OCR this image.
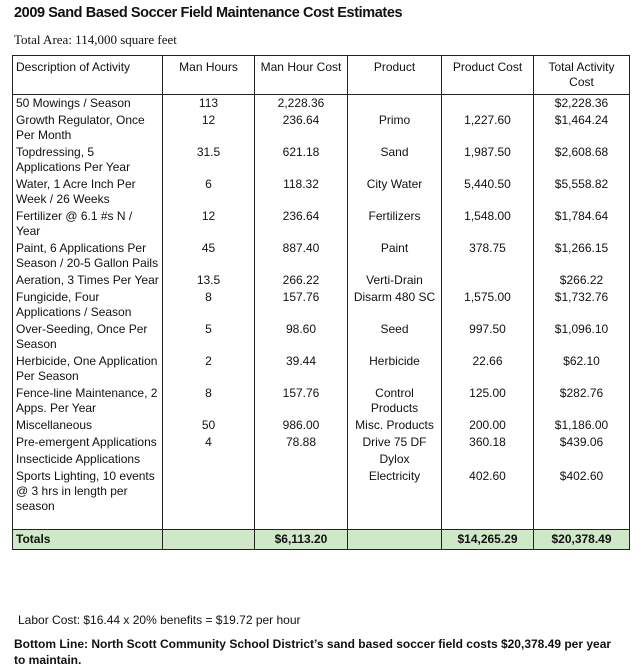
2009 Sand Based Soccer Field Maintenance Cost Estimates
Total Area: 114,000 square feet
Description of Activity	Man Hours	Man Hour Cost	Product	Product Cost	Total Activity Cost
50 Mowings / Season	113	2,228.36			$2,228.36
Growth Regulator, Once Per Month	12	236.64	Primo	1,227.60	$1,464.24
Topdressing, 5 Applications Per Year	31.5	621.18	Sand	1,987.50	$2,608.68
Water, 1 Acre Inch Per Week / 26 Weeks	6	118.32	City Water	5,440.50	$5,558.82
Fertilizer @ 6.1 #s N / Year	12	236.64	Fertilizers	1,548.00	$1,784.64
Paint, 6 Applications Per Season / 20-5 Gallon Pails	45	887.40	Paint	378.75	$1,266.15
Aeration, 3 Times Per Year	13.5	266.22	Verti-Drain		$266.22
Fungicide, Four Applications / Season	8	157.76	Disarm 480 SC	1,575.00	$1,732.76
Over-Seeding, Once Per Season	5	98.60	Seed	997.50	$1,096.10
Herbicide, One Application Per Season	2	39.44	Herbicide	22.66	$62.10
Fence-line Maintenance, 2 Apps. Per Year	8	157.76	Control Products	125.00	$282.76
Miscellaneous	50	986.00	Misc. Products	200.00	$1,186.00
Pre-emergent Applications	4	78.88	Drive 75 DF	360.18	$439.06
Insecticide Applications			Dylox		
Sports Lighting, 10 events @ 3 hrs in length per season			Electricity	402.60	$402.60

Totals		$6,113.20		$14,265.29	$20,378.49
Labor Cost: $16.44 x 20% benefits = $19.72 per hour
Bottom Line: North Scott Community School District’s sand based soccer field costs $20,378.49 per year to maintain.
